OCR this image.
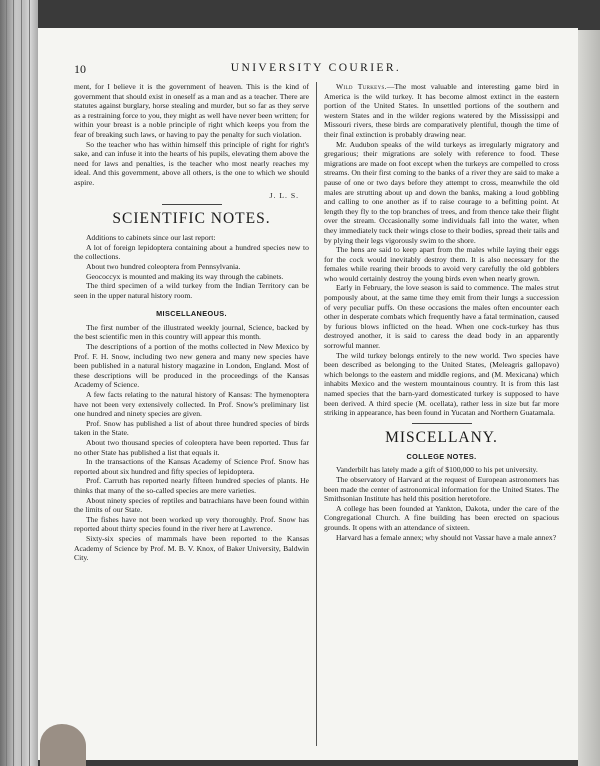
10	UNIVERSITY COURIER.

ment, for I believe it is the government of heaven. This is the kind of government that should exist in oneself as a man and as a teacher. There are statutes against burglary, horse stealing and murder, but so far as they serve as a restraining force to you, they might as well have never been written; for within your breast is a noble principle of right which keeps you from the fear of breaking such laws, or having to pay the penalty for such violation.

So the teacher who has within himself this principle of right for right's sake, and can infuse it into the hearts of his pupils, elevating them above the need for laws and penalties, is the teacher who most nearly reaches my ideal. And this government, above all others, is the one to which we should aspire.

J. L. S.

SCIENTIFIC NOTES.

Additions to cabinets since our last report:

A lot of foreign lepidoptera containing about a hundred species new to the collections.

About two hundred coleoptera from Pennsylvania.

Geococcyx is mounted and making its way through the cabinets.

The third specimen of a wild turkey from the Indian Territory can be seen in the upper natural history room.

MISCELLANEOUS.

The first number of the illustrated weekly journal, Science, backed by the best scientific men in this country will appear this month.

The descriptions of a portion of the moths collected in New Mexico by Prof. F. H. Snow, including two new genera and many new species have been published in a natural history magazine in London, England. Most of these descriptions will be produced in the proceedings of the Kansas Academy of Science.

A few facts relating to the natural history of Kansas: The hymenoptera have not been very extensively collected. In Prof. Snow's preliminary list one hundred and ninety species are given.

Prof. Snow has published a list of about three hundred species of birds taken in the State.

About two thousand species of coleoptera have been reported. Thus far no other State has published a list that equals it.

In the transactions of the Kansas Academy of Science Prof. Snow has reported about six hundred and fifty species of lepidoptera.

Prof. Carruth has reported nearly fifteen hundred species of plants. He thinks that many of the so-called species are mere varieties.

About ninety species of reptiles and batrachians have been found within the limits of our State.

The fishes have not been worked up very thoroughly. Prof. Snow has reported about thirty species found in the river here at Lawrence.

Sixty-six species of mammals have been reported to the Kansas Academy of Science by Prof. M. B. V. Knox, of Baker University, Baldwin City.

Wild Turkeys.—The most valuable and interesting game bird in America is the wild turkey. It has become almost extinct in the eastern portion of the United States. In unsettled portions of the southern and western States and in the wilder regions watered by the Mississippi and Missouri rivers, these birds are comparatively plentiful, though the time of their final extinction is probably drawing near.

Mr. Audubon speaks of the wild turkeys as irregularly migratory and gregarious; their migrations are solely with reference to food. These migrations are made on foot except when the turkeys are compelled to cross streams. On their first coming to the banks of a river they are said to make a pause of one or two days before they attempt to cross, meanwhile the old males are strutting about up and down the banks, making a loud gobbling and calling to one another as if to raise courage to a befitting point. At length they fly to the top branches of trees, and from thence take their flight over the stream. Occasionally some individuals fall into the water, when they immediately tuck their wings close to their bodies, spread their tails and by plying their legs vigorously swim to the shore.

The hens are said to keep apart from the males while laying their eggs for the cock would inevitably destroy them. It is also necessary for the females while rearing their broods to avoid very carefully the old gobblers who would certainly destroy the young birds even when nearly grown.

Early in February, the love season is said to commence. The males strut pompously about, at the same time they emit from their lungs a succession of very peculiar puffs. On these occasions the males often encounter each other in desperate combats which frequently have a fatal termination, caused by furious blows inflicted on the head. When one cock-turkey has thus destroyed another, it is said to caress the dead body in an apparently sorrowful manner.

The wild turkey belongs entirely to the new world. Two species have been described as belonging to the United States, (Meleagris gallopavo) which belongs to the eastern and middle regions, and (M. Mexicana) which inhabits Mexico and the western mountainous country. It is from this last named species that the barn-yard domesticated turkey is supposed to have been derived. A third specie (M. ocellata), rather less in size but far more striking in appearance, has been found in Yucatan and Northern Guatamala.

MISCELLANY.
COLLEGE NOTES.

Vanderbilt has lately made a gift of $100,000 to his pet university.

The observatory of Harvard at the request of European astronomers has been made the center of astronomical information for the United States. The Smithsonian Institute has held this position heretofore.

A college has been founded at Yankton, Dakota, under the care of the Congregational Church. A fine building has been erected on spacious grounds. It opens with an attendance of sixteen.

Harvard has a female annex; why should not Vassar have a male annex?
